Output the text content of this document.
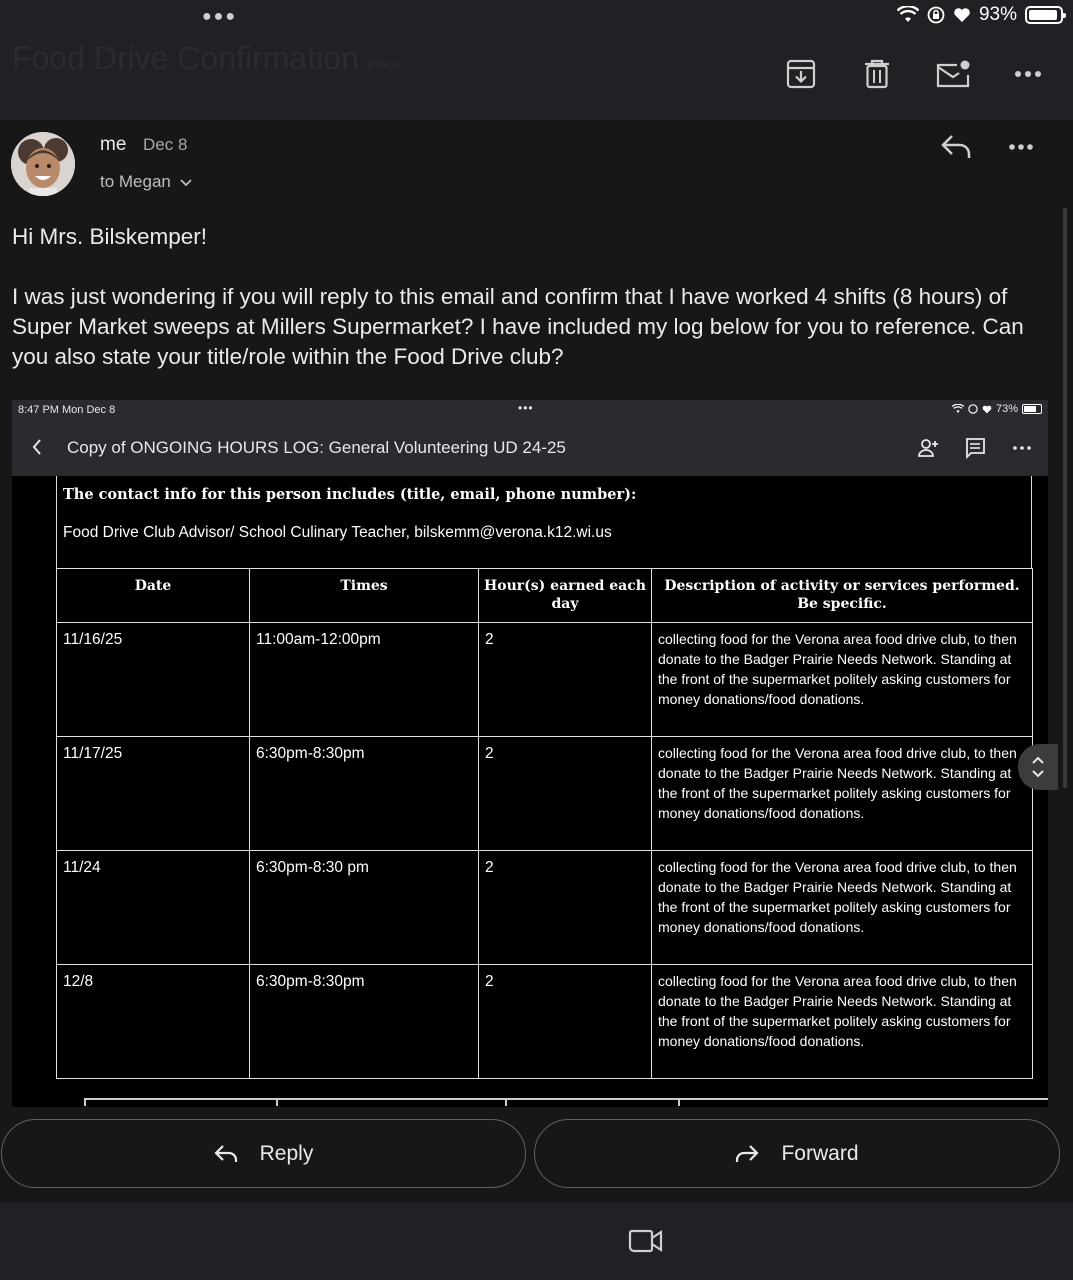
●●●	93%
Food Drive Confirmation Inbox
me Dec 8
to Megan

Hi Mrs. Bilskemper!

I was just wondering if you will reply to this email and confirm that I have worked 4 shifts (8 hours) of Super Market sweeps at Millers Supermarket? I have included my log below for you to reference. Can you also state your title/role within the Food Drive club?

8:47 PM Mon Dec 8	•••	73%
Copy of ONGOING HOURS LOG: General Volunteering UD 24-25
The contact info for this person includes (title, email, phone number):
Food Drive Club Advisor/ School Culinary Teacher, bilskemm@verona.k12.wi.us
Date	Times	Hour(s) earned each day	Description of activity or services performed. Be specific.
11/16/25	11:00am-12:00pm	2	collecting food for the Verona area food drive club, to then donate to the Badger Prairie Needs Network. Standing at the front of the supermarket politely asking customers for money donations/food donations.
11/17/25	6:30pm-8:30pm	2	collecting food for the Verona area food drive club, to then donate to the Badger Prairie Needs Network. Standing at the front of the supermarket politely asking customers for money donations/food donations.
11/24	6:30pm-8:30 pm	2	collecting food for the Verona area food drive club, to then donate to the Badger Prairie Needs Network. Standing at the front of the supermarket politely asking customers for money donations/food donations.
12/8	6:30pm-8:30pm	2	collecting food for the Verona area food drive club, to then donate to the Badger Prairie Needs Network. Standing at the front of the supermarket politely asking customers for money donations/food donations.
Reply	Forward
